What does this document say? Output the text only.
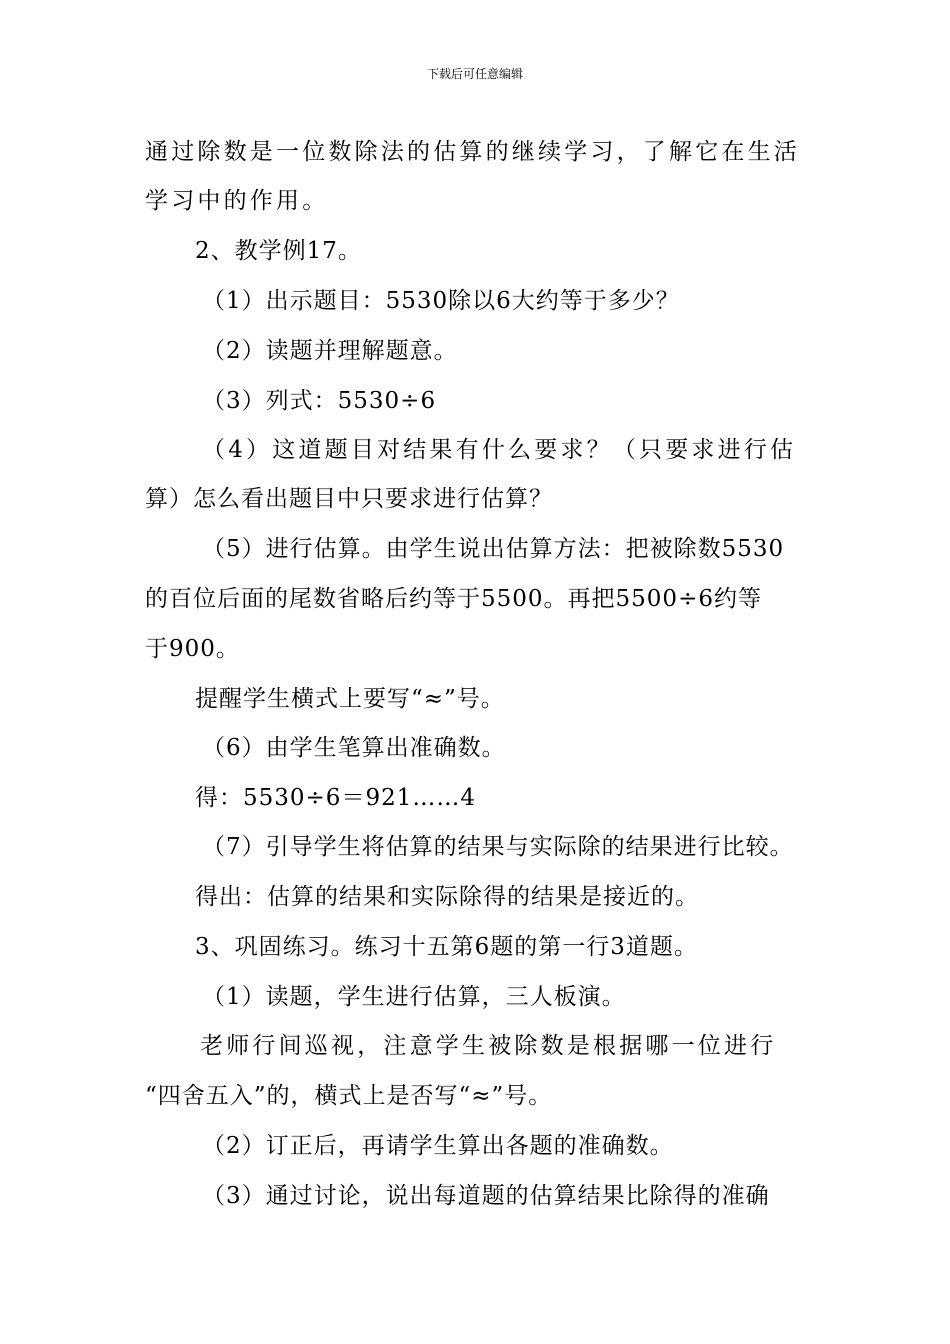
下载后可任意编辑
通过除数是一位数除法的估算的继续学习，了解它在生活
学习中的作用。
2、教学例17。
（1）出示题目：5530除以6大约等于多少？
（2）读题并理解题意。
（3）列式：5530÷6
（4）这道题目对结果有什么要求？（只要求进行估
算）怎么看出题目中只要求进行估算？
（5）进行估算。由学生说出估算方法：把被除数5530
的百位后面的尾数省略后约等于5500。再把5500÷6约等
于900。
提醒学生横式上要写“≈”号。
（6）由学生笔算出准确数。
得：5530÷6＝921……4
（7）引导学生将估算的结果与实际除的结果进行比较。
得出：估算的结果和实际除得的结果是接近的。
3、巩固练习。练习十五第6题的第一行3道题。
（1）读题，学生进行估算，三人板演。
老师行间巡视，注意学生被除数是根据哪一位进行
“四舍五入”的，横式上是否写“≈”号。
（2）订正后，再请学生算出各题的准确数。
（3）通过讨论，说出每道题的估算结果比除得的准确
